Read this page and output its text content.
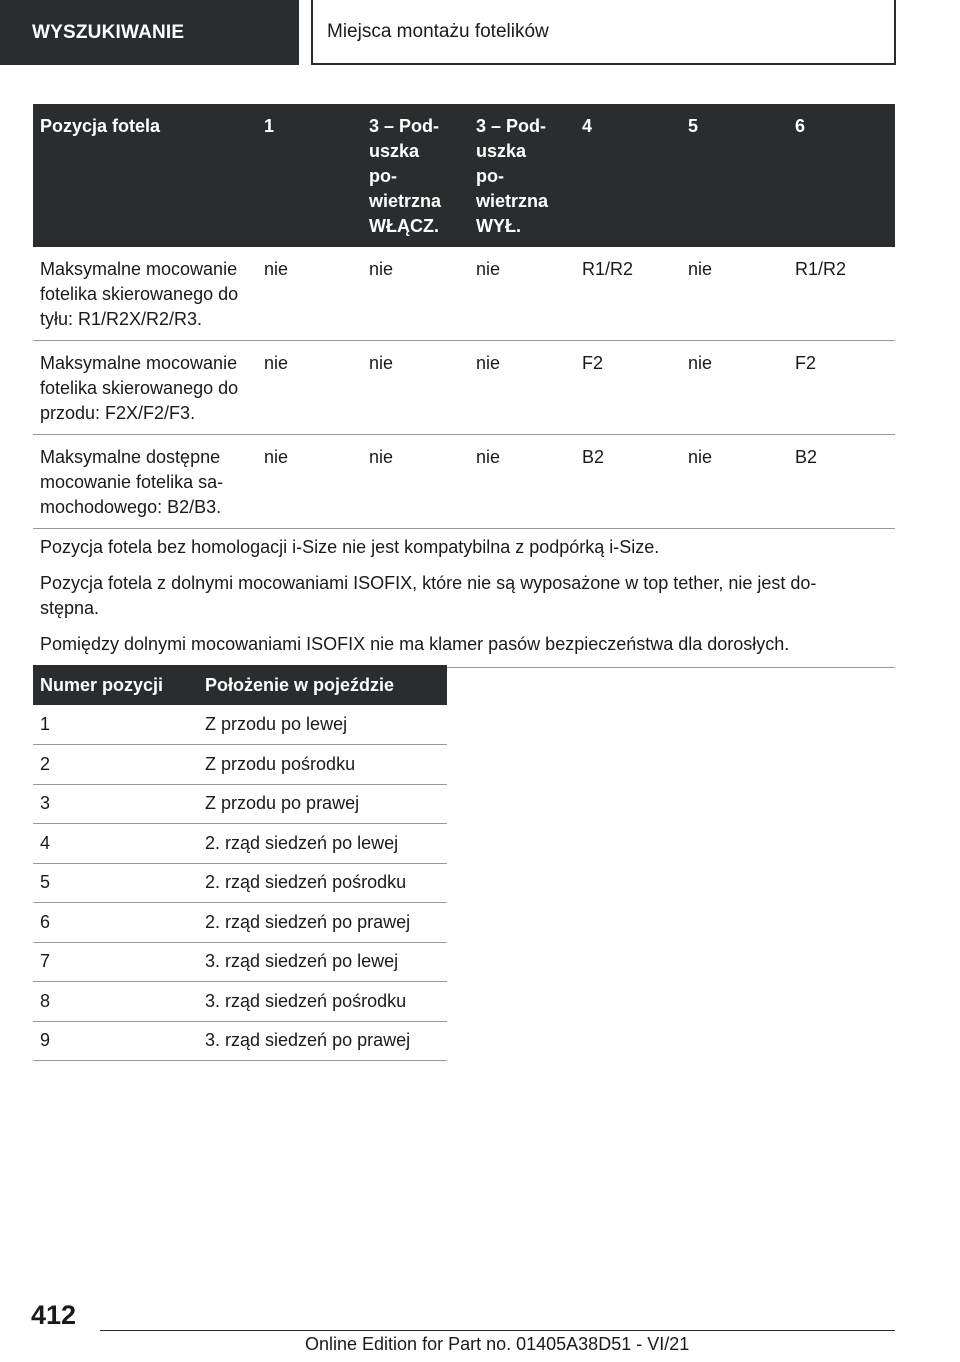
WYSZUKIWANIE	Miejsca montażu fotelików
Pozycja fotela	1	3 – Pod-
uszka
po-
wietrzna
WŁĄCZ.	3 – Pod-
uszka
po-
wietrzna
WYŁ.	4	5	6
Maksymalne mocowanie fotelika skierowanego do tyłu: R1/R2X/R2/R3.	nie	nie	nie	R1/R2	nie	R1/R2
Maksymalne mocowanie fotelika skierowanego do przodu: F2X/F2/F3.	nie	nie	nie	F2	nie	F2
Maksymalne dostępne mocowanie fotelika sa-
mochodowego: B2/B3.	nie	nie	nie	B2	nie	B2

Pozycja fotela bez homologacji i-Size nie jest kompatybilna z podpórką i-Size.

Pozycja fotela z dolnymi mocowaniami ISOFIX, które nie są wyposażone w top tether, nie jest do-
stępna.

Pomiędzy dolnymi mocowaniami ISOFIX nie ma klamer pasów bezpieczeństwa dla dorosłych.						

Numer pozycji	Położenie w pojeździe
1	Z przodu po lewej
2	Z przodu pośrodku
3	Z przodu po prawej
4	2. rząd siedzeń po lewej
5	2. rząd siedzeń pośrodku
6	2. rząd siedzeń po prawej
7	3. rząd siedzeń po lewej
8	3. rząd siedzeń pośrodku
9	3. rząd siedzeń po prawej
412
Online Edition for Part no. 01405A38D51 - VI/21
